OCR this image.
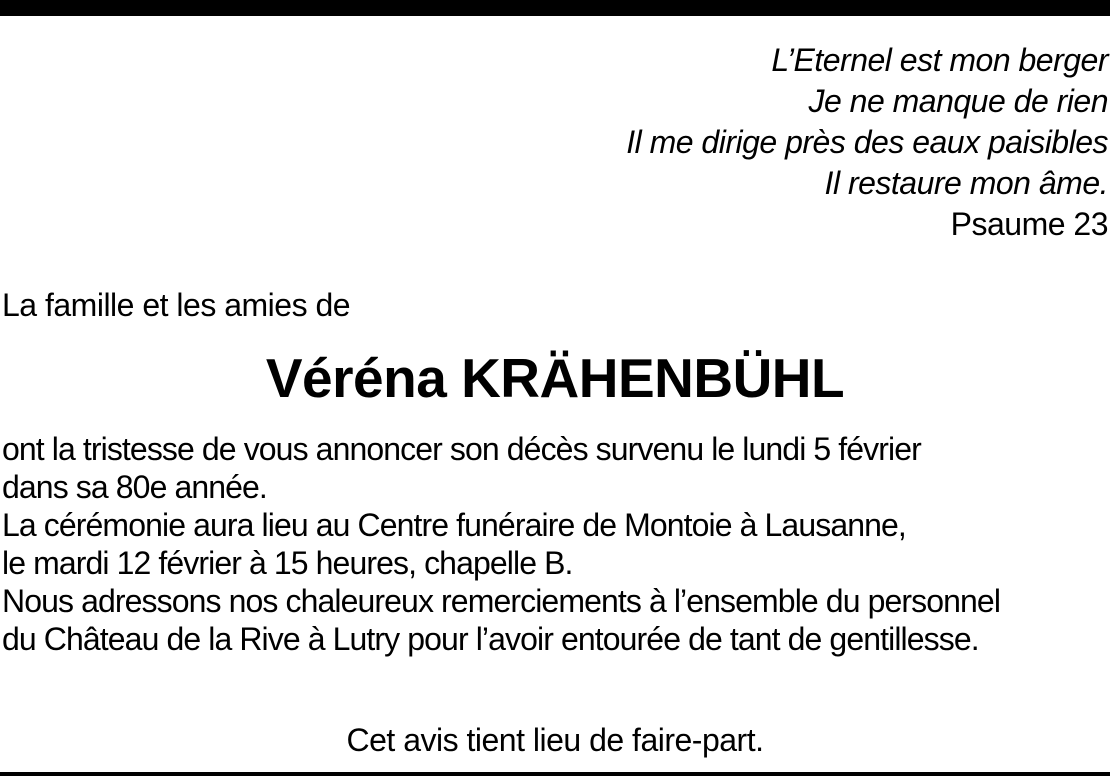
L’Eternel est mon berger
Je ne manque de rien
Il me dirige près des eaux paisibles
Il restaure mon âme.
Psaume 23
La famille et les amies de
Véréna KRÄHENBÜHL
ont la tristesse de vous annoncer son décès survenu le lundi 5 février
dans sa 80e année.
La cérémonie aura lieu au Centre funéraire de Montoie à Lausanne,
le mardi 12 février à 15 heures, chapelle B.
Nous adressons nos chaleureux remerciements à l’ensemble du personnel
du Château de la Rive à Lutry pour l’avoir entourée de tant de gentillesse.
Cet avis tient lieu de faire-part.
